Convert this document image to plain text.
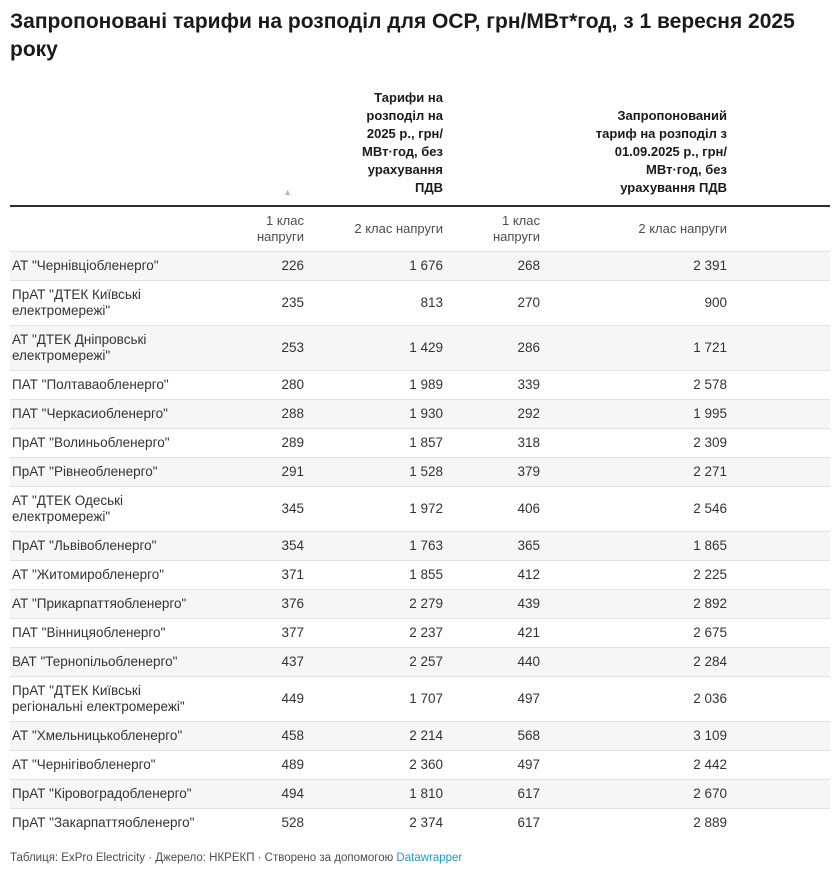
Запропоновані тарифи на розподіл для ОСР, грн/МВт*год, з 1 вересня 2025 року

	▲	Тарифи на розподіл на 2025 р., грн/МВт·год, без урахування ПДВ		Запропонований тариф на розподіл з 01.09.2025 р., грн/МВт·год, без урахування ПДВ	

	1 клас напруги	2 клас напруги	1 клас напруги	2 клас напруги	

АТ "Чернівціобленерго"	226	1 676	268	2 391	
ПрАТ "ДТЕК Київські електромережі"	235	813	270	900	
АТ "ДТЕК Дніпровські електромережі"	253	1 429	286	1 721	
ПАТ "Полтаваобленерго"	280	1 989	339	2 578	
ПАТ "Черкасиобленерго"	288	1 930	292	1 995	
ПрАТ "Волиньобленерго"	289	1 857	318	2 309	
ПрАТ "Рівнеобленерго"	291	1 528	379	2 271	
АТ "ДТЕК Одеські електромережі"	345	1 972	406	2 546	
ПрАТ "Львівобленерго"	354	1 763	365	1 865	
АТ "Житомиробленерго"	371	1 855	412	2 225	
АТ "Прикарпаттяобленерго"	376	2 279	439	2 892	
ПАТ "Вінницяобленерго"	377	2 237	421	2 675	
ВАТ "Тернопільобленерго"	437	2 257	440	2 284	
ПрАТ "ДТЕК Київські регіональні електромережі"	449	1 707	497	2 036	
АТ "Хмельницькобленерго"	458	2 214	568	3 109	
АТ "Чернігівобленерго"	489	2 360	497	2 442	
ПрАТ "Кіровоградобленерго"	494	1 810	617	2 670	
ПрАТ "Закарпаттяобленерго"	528	2 374	617	2 889	
Таблиця: ExPro Electricity · Джерело: НКРЕКП · Створено за допомогою Datawrapper
